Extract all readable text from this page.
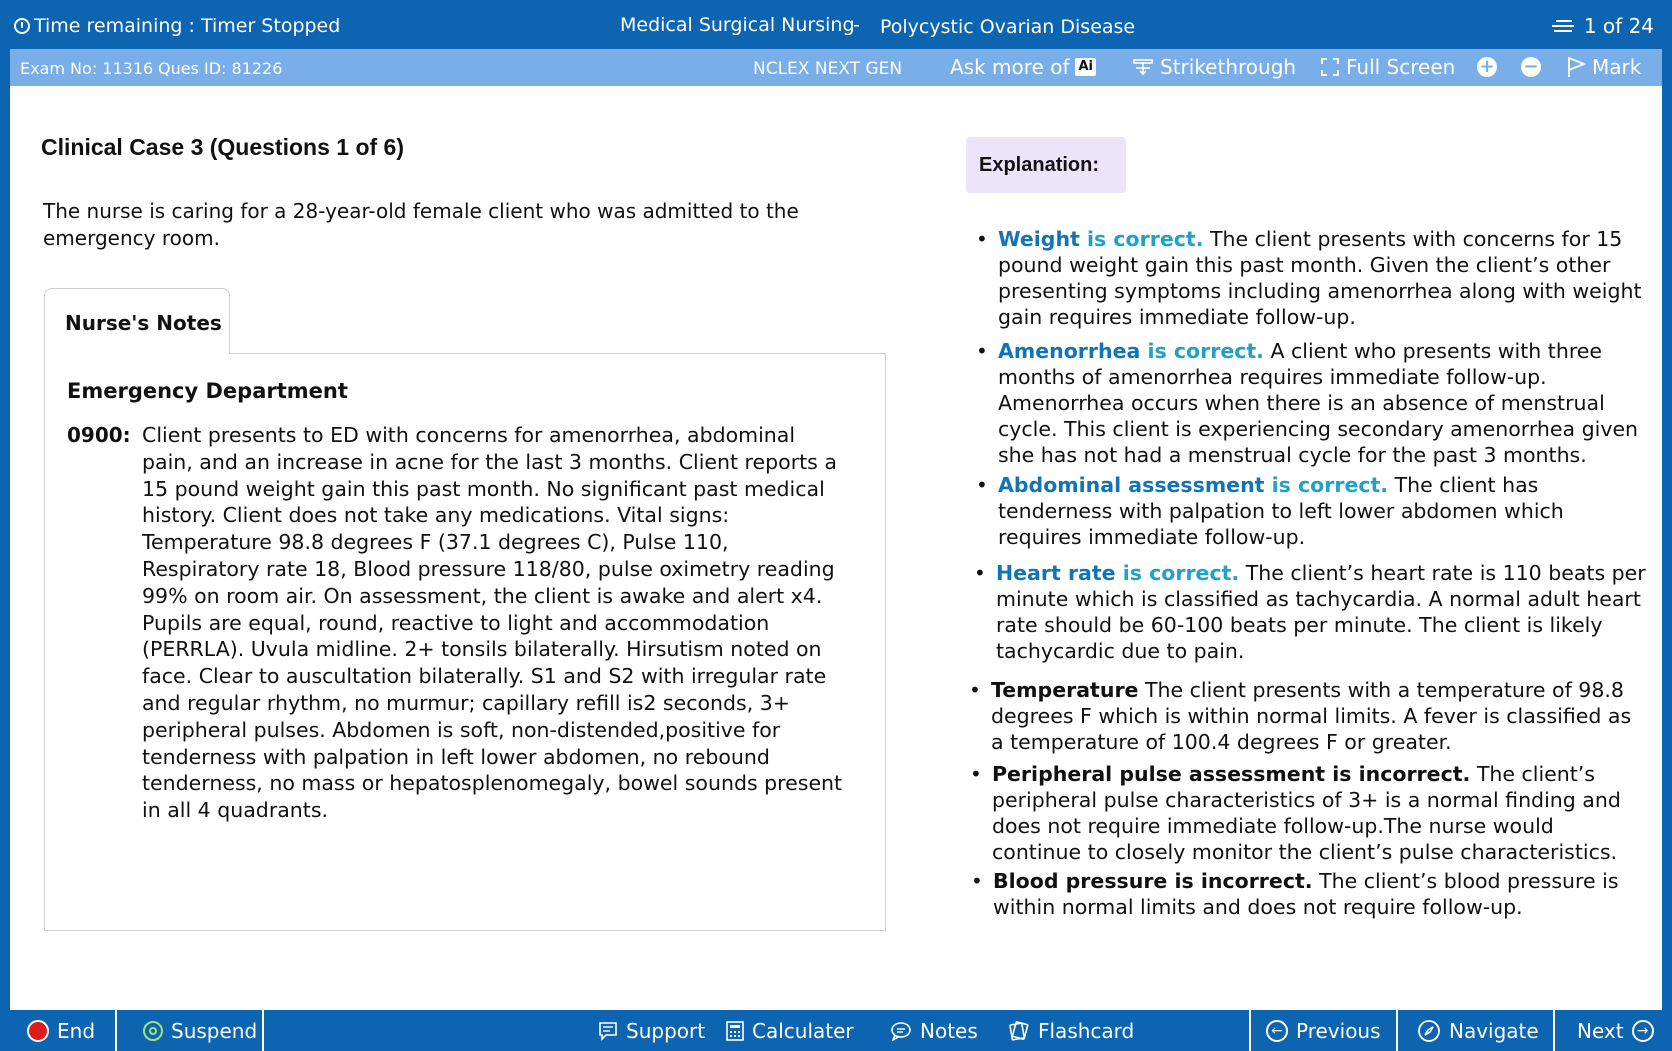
Time remaining : Timer Stopped	Medical Surgical Nursing
- Polycystic Ovarian Disease	1 of 24
Exam No: 11316 Ques ID: 81226	NCLEX NEXT GEN Ask more of Ai	Strikethrough Full Screen + −	Mark
Clinical Case 3 (Questions 1 of 6)
The nurse is caring for a 28-year-old female client who was admitted to the emergency room.
Nurse's Notes
Emergency Department
0900: Client presents to ED with concerns for amenorrhea, abdominal pain, and an increase in acne for the last 3 months. Client reports a 15 pound weight gain this past month. No significant past medical history. Client does not take any medications. Vital signs: Temperature 98.8 degrees F (37.1 degrees C), Pulse 110, Respiratory rate 18, Blood pressure 118/80, pulse oximetry reading 99% on room air. On assessment, the client is awake and alert x4. Pupils are equal, round, reactive to light and accommodation (PERRLA). Uvula midline. 2+ tonsils bilaterally. Hirsutism noted on face. Clear to auscultation bilaterally. S1 and S2 with irregular rate and regular rhythm, no murmur; capillary refill is2 seconds, 3+ peripheral pulses. Abdomen is soft, non-distended,positive for tenderness with palpation in left lower abdomen, no rebound tenderness, no mass or hepatosplenomegaly, bowel sounds present in all 4 quadrants.
Explanation:
• Weight is correct. The client presents with concerns for 15 pound weight gain this past month. Given the client’s other presenting symptoms including amenorrhea along with weight gain requires immediate follow-up.
• Amenorrhea is correct. A client who presents with three months of amenorrhea requires immediate follow-up. Amenorrhea occurs when there is an absence of menstrual cycle. This client is experiencing secondary amenorrhea given she has not had a menstrual cycle for the past 3 months.
• Abdominal assessment is correct. The client has tenderness with palpation to left lower abdomen which requires immediate follow-up.
• Heart rate is correct. The client’s heart rate is 110 beats per minute which is classified as tachycardia. A normal adult heart rate should be 60-100 beats per minute. The client is likely tachycardic due to pain.
• Temperature The client presents with a temperature of 98.8 degrees F which is within normal limits. A fever is classified as a temperature of 100.4 degrees F or greater.
• Peripheral pulse assessment is incorrect. The client’s peripheral pulse characteristics of 3+ is a normal finding and does not require immediate follow-up.The nurse would continue to closely monitor the client’s pulse characteristics.
• Blood pressure is incorrect. The client’s blood pressure is within normal limits and does not require follow-up.
End	Suspend	Support Calculater	Notes	Flashcard	← Previous	Navigate Next →
